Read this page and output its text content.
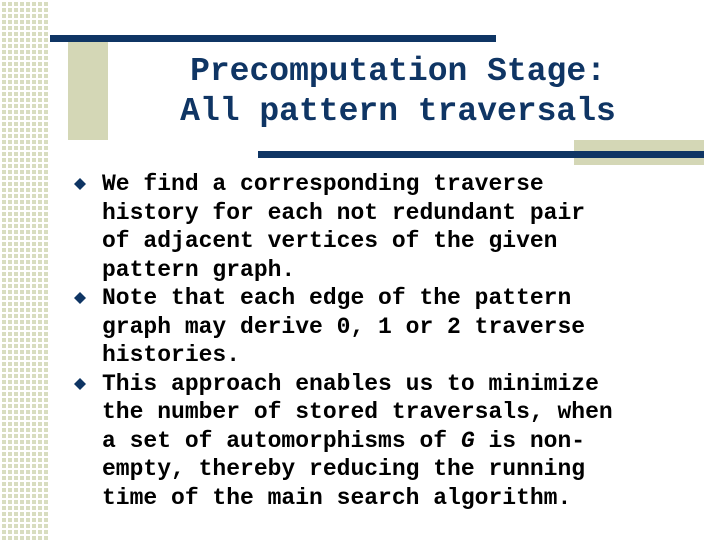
Precomputation Stage:
All pattern traversals
We find a corresponding traverse
history for each not redundant pair
of adjacent vertices of the given
pattern graph.
Note that each edge of the pattern
graph may derive 0, 1 or 2 traverse
histories.
This approach enables us to minimize
the number of stored traversals, when
a set of automorphisms of G is non-
empty, thereby reducing the running
time of the main search algorithm.
